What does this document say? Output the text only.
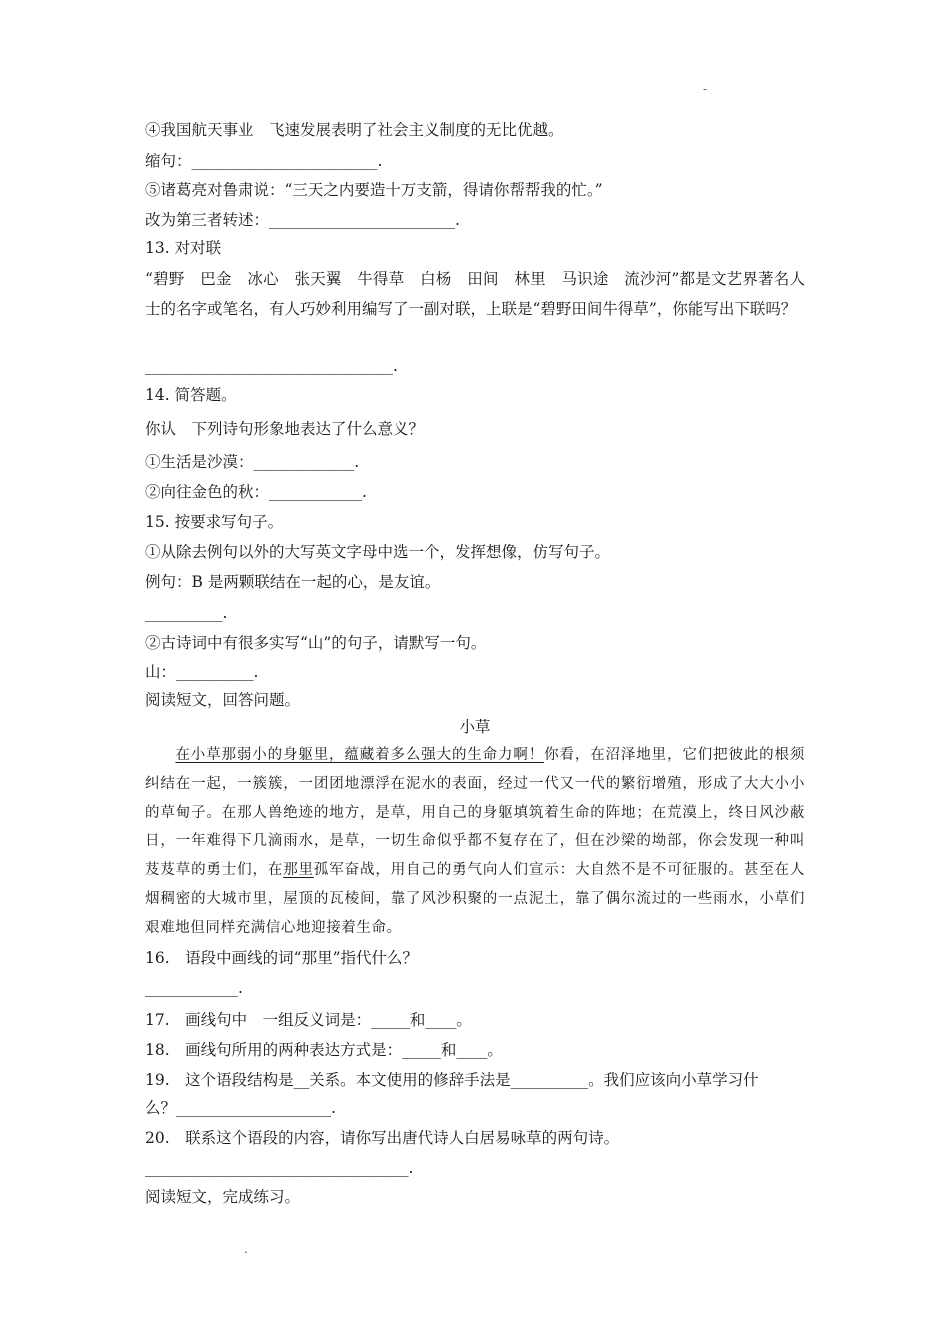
-
④我国航天事业　飞速发展表明了社会主义制度的无比优越。
缩句：________________________.
⑤诸葛亮对鲁肃说：“三天之内要造十万支箭，得请你帮帮我的忙。”
改为第三者转述：________________________.
13. 对对联
“碧野　巴金　冰心　张天翼　牛得草　白杨　田间　林里　马识途　流沙河”都是文艺界著名人士的名字或笔名，有人巧妙利用编写了一副对联，上联是“碧野田间牛得草”，你能写出下联吗？
________________________________.
14. 简答题。
你认　下列诗句形象地表达了什么意义？
①生活是沙漠：_____________.
②向往金色的秋：____________.
15. 按要求写句子。
①从除去例句以外的大写英文字母中选一个，发挥想像，仿写句子。
例句：B 是两颗联结在一起的心，是友谊。
__________.
②古诗词中有很多实写“山”的句子，请默写一句。
山：__________.
阅读短文，回答问题。
小草

在小草那弱小的身躯里，蕴藏着多么强大的生命力啊！你看，在沼泽地里，它们把彼此的根须纠结在一起，一簇簇，一团团地漂浮在泥水的表面，经过一代又一代的繁衍增殖，形成了大大小小的草甸子。在那人兽绝迹的地方，是草，用自己的身躯填筑着生命的阵地；在荒漠上，终日风沙蔽日，一年难得下几滴雨水，是草，一切生命似乎都不复存在了，但在沙梁的坳部，你会发现一种叫芨芨草的勇士们，在那里孤军奋战，用自己的勇气向人们宣示：大自然不是不可征服的。甚至在人烟稠密的大城市里，屋顶的瓦棱间，靠了风沙积聚的一点泥土，靠了偶尔流过的一些雨水，小草们艰难地但同样充满信心地迎接着生命。

16.　语段中画线的词“那里”指代什么？
____________.
17.　画线句中　一组反义词是：_____和____。
18.　画线句所用的两种表达方式是：_____和____。
19.　这个语段结构是__关系。本文使用的修辞手法是__________。我们应该向小草学习什
么？____________________.
20.　联系这个语段的内容，请你写出唐代诗人白居易咏草的两句诗。
__________________________________.
阅读短文，完成练习。
.
